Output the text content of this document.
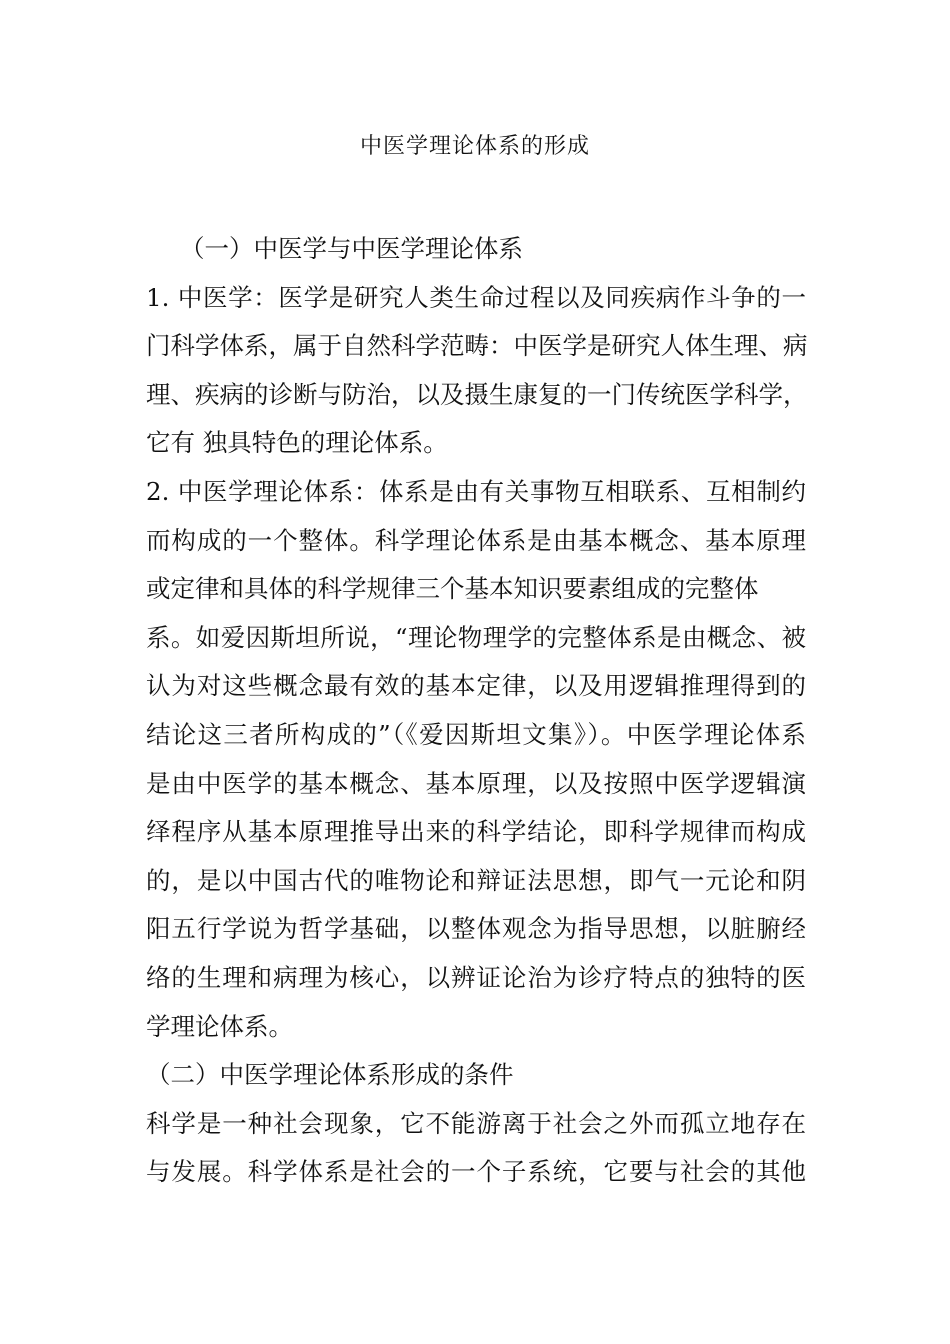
中医学理论体系的形成
（一）中医学与中医学理论体系
1. 中医学：医学是研究人类生命过程以及同疾病作斗争的一
门科学体系，属于自然科学范畴：中医学是研究人体生理、病
理、疾病的诊断与防治，以及摄生康复的一门传统医学科学，
它有 独具特色的理论体系。
2. 中医学理论体系：体系是由有关事物互相联系、互相制约
而构成的一个整体。科学理论体系是由基本概念、基本原理
或定律和具体的科学规律三个基本知识要素组成的完整体
系。如爱因斯坦所说，“理论物理学的完整体系是由概念、被
认为对这些概念最有效的基本定律，以及用逻辑推理得到的
结论这三者所构成的”（《爱因斯坦文集》）。中医学理论体系
是由中医学的基本概念、基本原理，以及按照中医学逻辑演
绎程序从基本原理推导出来的科学结论，即科学规律而构成
的，是以中国古代的唯物论和辩证法思想，即气一元论和阴
阳五行学说为哲学基础，以整体观念为指导思想，以脏腑经
络的生理和病理为核心，以辨证论治为诊疗特点的独特的医
学理论体系。
（二）中医学理论体系形成的条件
科学是一种社会现象，它不能游离于社会之外而孤立地存在
与发展。科学体系是社会的一个子系统，它要与社会的其他
